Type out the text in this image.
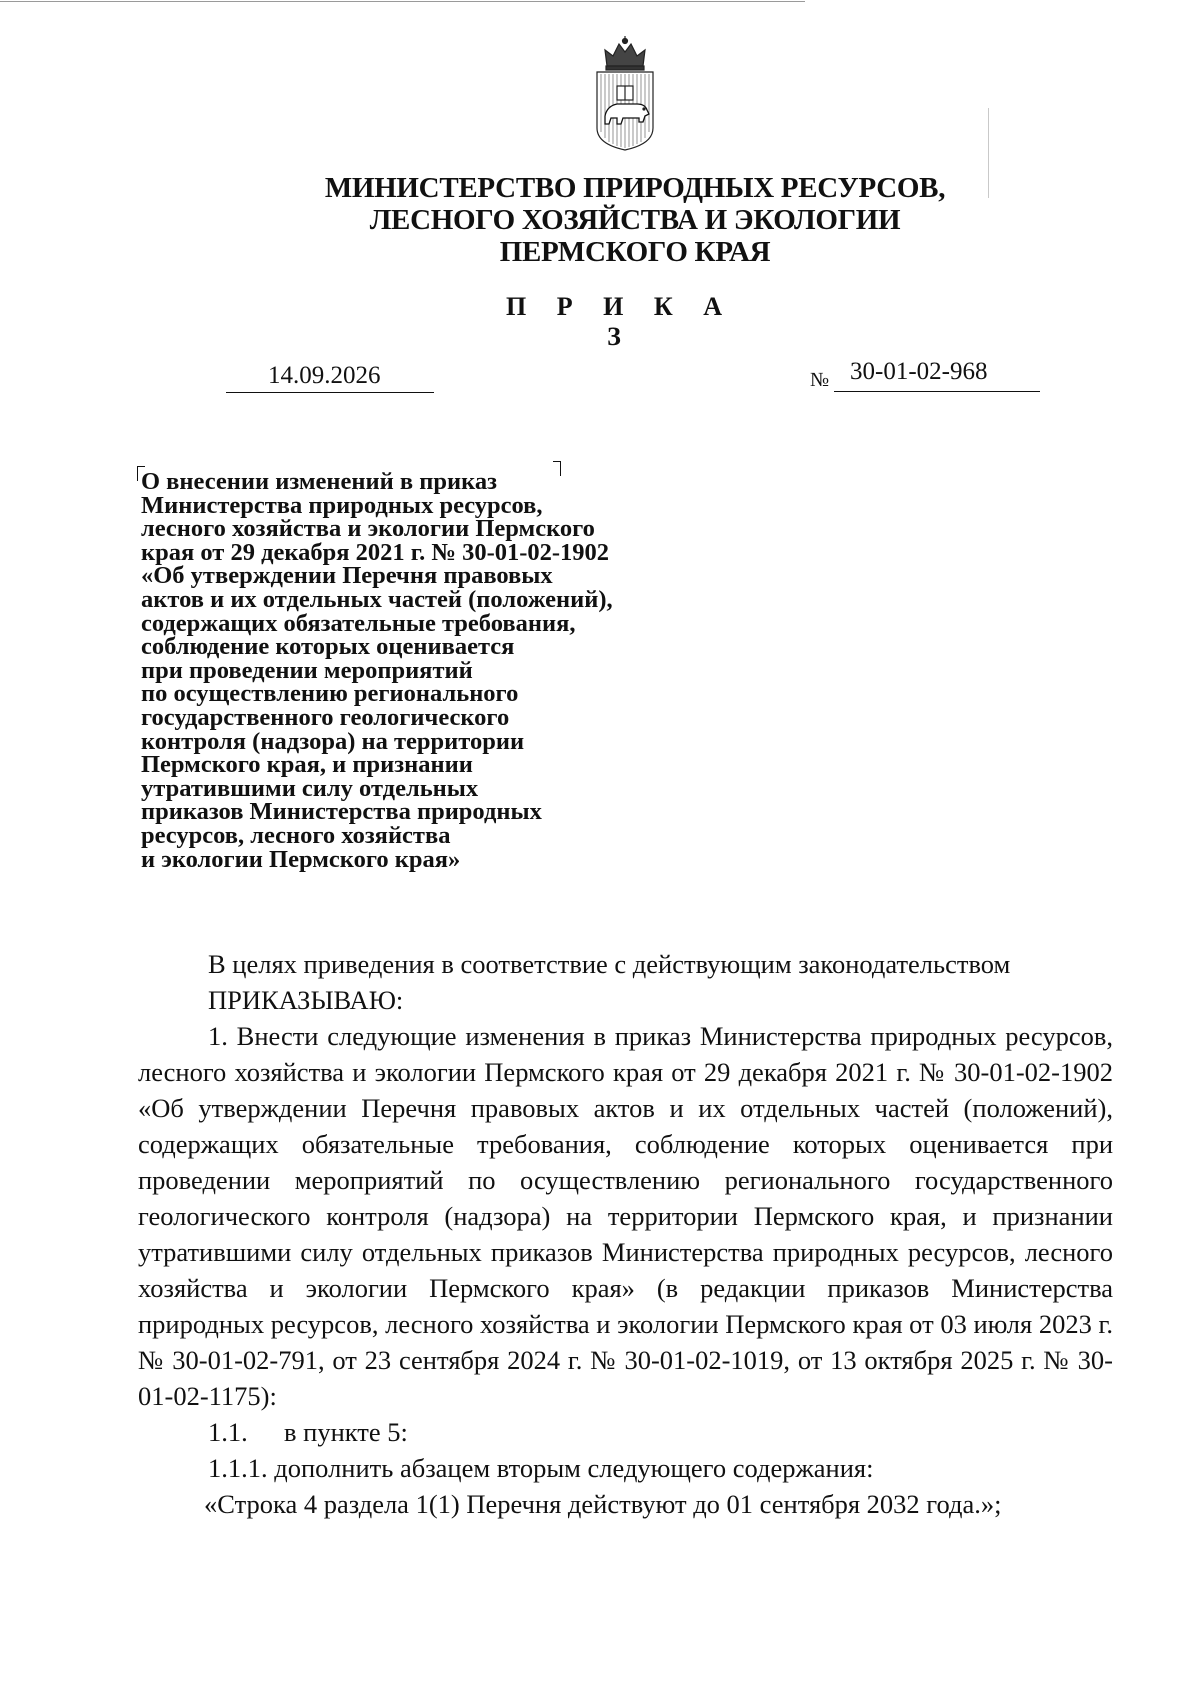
МИНИСТЕРСТВО ПРИРОДНЫХ РЕСУРСОВ,
ЛЕСНОГО ХОЗЯЙСТВА И ЭКОЛОГИИ
ПЕРМСКОГО КРАЯ
П Р И К А З
14.09.2026	№ 30-01-02-968
О внесении изменений в приказ
Министерства природных ресурсов,
лесного хозяйства и экологии Пермского
края от 29 декабря 2021 г. № 30-01-02-1902
«Об утверждении Перечня правовых
актов и их отдельных частей (положений),
содержащих обязательные требования,
соблюдение которых оценивается
при проведении мероприятий
по осуществлению регионального
государственного геологического
контроля (надзора) на территории
Пермского края, и признании
утратившими силу отдельных
приказов Министерства природных
ресурсов, лесного хозяйства
и экологии Пермского края»
В целях приведения в соответствие с действующим законодательством
ПРИКАЗЫВАЮ:
1. Внести следующие изменения в приказ Министерства природных ресурсов, лесного хозяйства и экологии Пермского края от 29 декабря 2021 г. № 30-01-02-1902 «Об утверждении Перечня правовых актов и их отдельных частей (положений), содержащих обязательные требования, соблюдение которых оценивается при проведении мероприятий по осуществлению регионального государственного геологического контроля (надзора) на территории Пермского края, и признании утратившими силу отдельных приказов Министерства природных ресурсов, лесного хозяйства и экологии Пермского края» (в редакции приказов Министерства природных ресурсов, лесного хозяйства и экологии Пермского края от 03 июля 2023 г. № 30-01-02-791, от 23 сентября 2024 г. № 30-01-02-1019, от 13 октября 2025 г. № 30-01-02-1175):
1.1. в пункте 5:
1.1.1. дополнить абзацем вторым следующего содержания:
«Строка 4 раздела 1(1) Перечня действуют до 01 сентября 2032 года.»;
